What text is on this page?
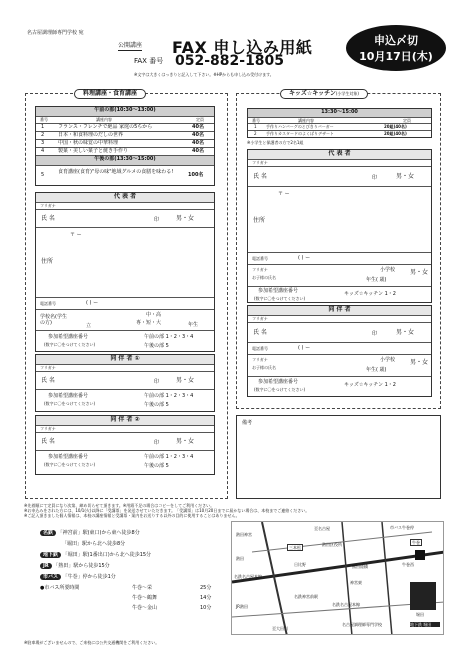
名古屋調理師専門学校 宛
公開講座 FAX 申し込み用紙
FAX 番号 052-882-1805
※文字は大きくはっきりと記入して下さい。※HPからも申し込み受付けます。
申込〆切
10月17日(木)
料理講座・食育講座
午前の部(10:30～13:00)
番号	講座内容	定員
1	フランス・フレンチで絶品 家庭の5ちから	40名
2	日本・和食料理のだしの世界	40名
3	中国・秋の味覚の中華料理	40名
4	製菓・美しい菓子と焼き手作り	40名
午後の部(13:30～15:00)
5	食育講座(食育)"母の味"地域グルメの食膳を味わる!	100名
代 表 者
フリガナ
氏 名	印	男・女
〒 ー
住所
電話番号	( ) ー
学校名(学生の方)	立
中・高
専・短・大	年生
参加希望講座番号
(数字に〇をつけてください)
午前の部 1・2・3・4
午後の部 5
同 伴 者 ①
フリガナ
氏 名	印	男・女
参加希望講座番号
(数字に〇をつけてください)
午前の部 1・2・3・4
午後の部 5
同 伴 者 ②
フリガナ
氏 名	印	男・女
参加希望講座番号
(数字に〇をつけてください)
午前の部 1・2・3・4
午後の部 5
キッズ☆キッチン(小学生対象)
13:30～15:00
番号	講座内容	定員
1 手作りハンバーグのとびきりバーガー	20組(40名)
2 手作りカスタードのよくばりデザート	20組(40名)
※小学生と保護者の方で2名1組
代 表 者
フリガナ
氏 名	印	男・女
〒 ー
住所
電話番号	( ) ー
フリガナ
お子様の氏名
小学校
年生( 歳)
男・女
参加希望講座番号
(数字に〇をつけてください)
キッズ☆キッチン 1・2
同 伴 者
フリガナ
氏 名	印	男・女
電話番号	( ) ー
フリガナ
お子様の氏名
小学校
年生( 歳)
男・女
参加希望講座番号
(数字に〇をつけてください)
キッズ☆キッチン 1・2
備考
※先着順にて定員になり次第、締め切らせて頂きます。※用紙不足の場合はコピーをしてご利用ください。
※お申込みをされた方には、10/1(火)以降に「受講票」を発送させていただきます。「受講票」は10月20日までに届かない場合は、本校までご連絡ください。
※ご記入頂きました個人情報は、本校の講座情報と受講票・案内をお送りする以外の目的に使用することはありません。
名鉄 「神宮前」駅(東口)から東へ徒歩8分
「堀田」駅から北へ徒歩8分
地下鉄 「堀田」駅(1番出口)から北へ徒歩15分
JR 「熱田」駅から徒歩15分
市バス 「牛巻」停から徒歩1分
●市バス所要時間	牛巻～栄	25分
牛巻～鶴舞	14分
牛巻～金山	10分
※駐車場がございませんので、ご来校には公共交通機関をご利用ください。
三本松
熱田区役所
日比野	熊田陸橋
牛巻
市バス牛巻停
牛巻西
神宮東
名鉄神宮前駅
名鉄名古屋本線
堀田
地下鉄 堀田
至大田川
名鉄名古屋本線
名古屋調理師専門学校
熱田神宮
熱田
JR熱田
至名古屋
